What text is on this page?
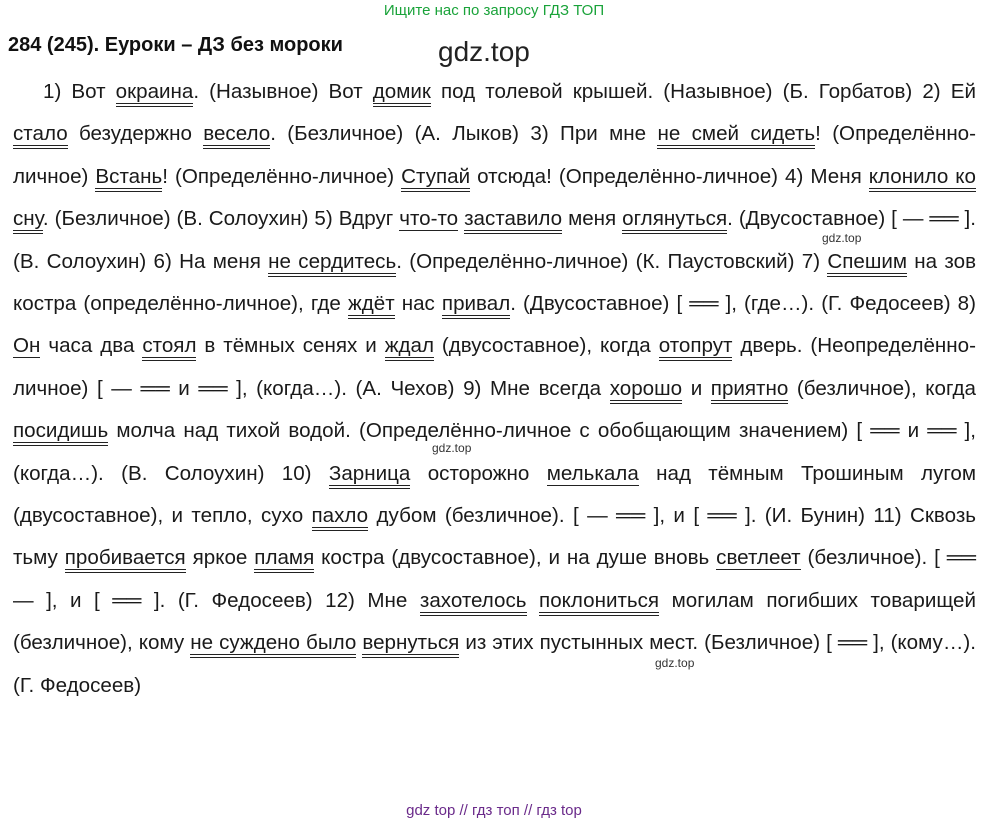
Ищите нас по запросу ГДЗ ТОП
284 (245). Еуроки – ДЗ без мороки	gdz.top
gdz.top
gdz.top
gdz.top
1) Вот окраина. (Назывное) Вот домик под толевой крышей. (Назывное) (Б. Горбатов) 2) Ей стало безудержно весело. (Безличное) (А. Лыков) 3) При мне не смей сидеть! (Определённо-личное) Встань! (Определённо-личное) Ступай отсюда! (Определённо-личное) 4) Меня клонило ко сну. (Безличное) (В. Солоухин) 5) Вдруг что-то заставило меня оглянуться. (Двусоставное) [ — ══ ]. (В. Солоухин) 6) На меня не сердитесь. (Определённо-личное) (К. Паустовский) 7) Спешим на зов костра (определённо-личное), где ждёт нас привал. (Двусоставное) [ ══ ], (где…). (Г. Федосеев) 8) Он часа два стоял в тёмных сенях и ждал (двусоставное), когда отопрут дверь. (Неопределённо-личное) [ — ══ и ══ ], (когда…). (А. Чехов) 9) Мне всегда хорошо и приятно (безличное), когда посидишь молча над тихой водой. (Определённо-личное с обобщающим значением) [ ══ и ══ ], (когда…). (В. Солоухин) 10) Зарница осторожно мелькала над тёмным Трошиным лугом (двусоставное), и тепло, сухо пахло дубом (безличное). [ — ══ ], и [ ══ ]. (И. Бунин) 11) Сквозь тьму пробивается яркое пламя костра (двусоставное), и на душе вновь светлеет (безличное). [ ══ — ], и [ ══ ]. (Г. Федосеев) 12) Мне захотелось поклониться могилам погибших товарищей (безличное), кому не суждено было вернуться из этих пустынных мест. (Безличное) [ ══ ], (кому…). (Г. Федосеев)
gdz top // гдз топ // гдз top
